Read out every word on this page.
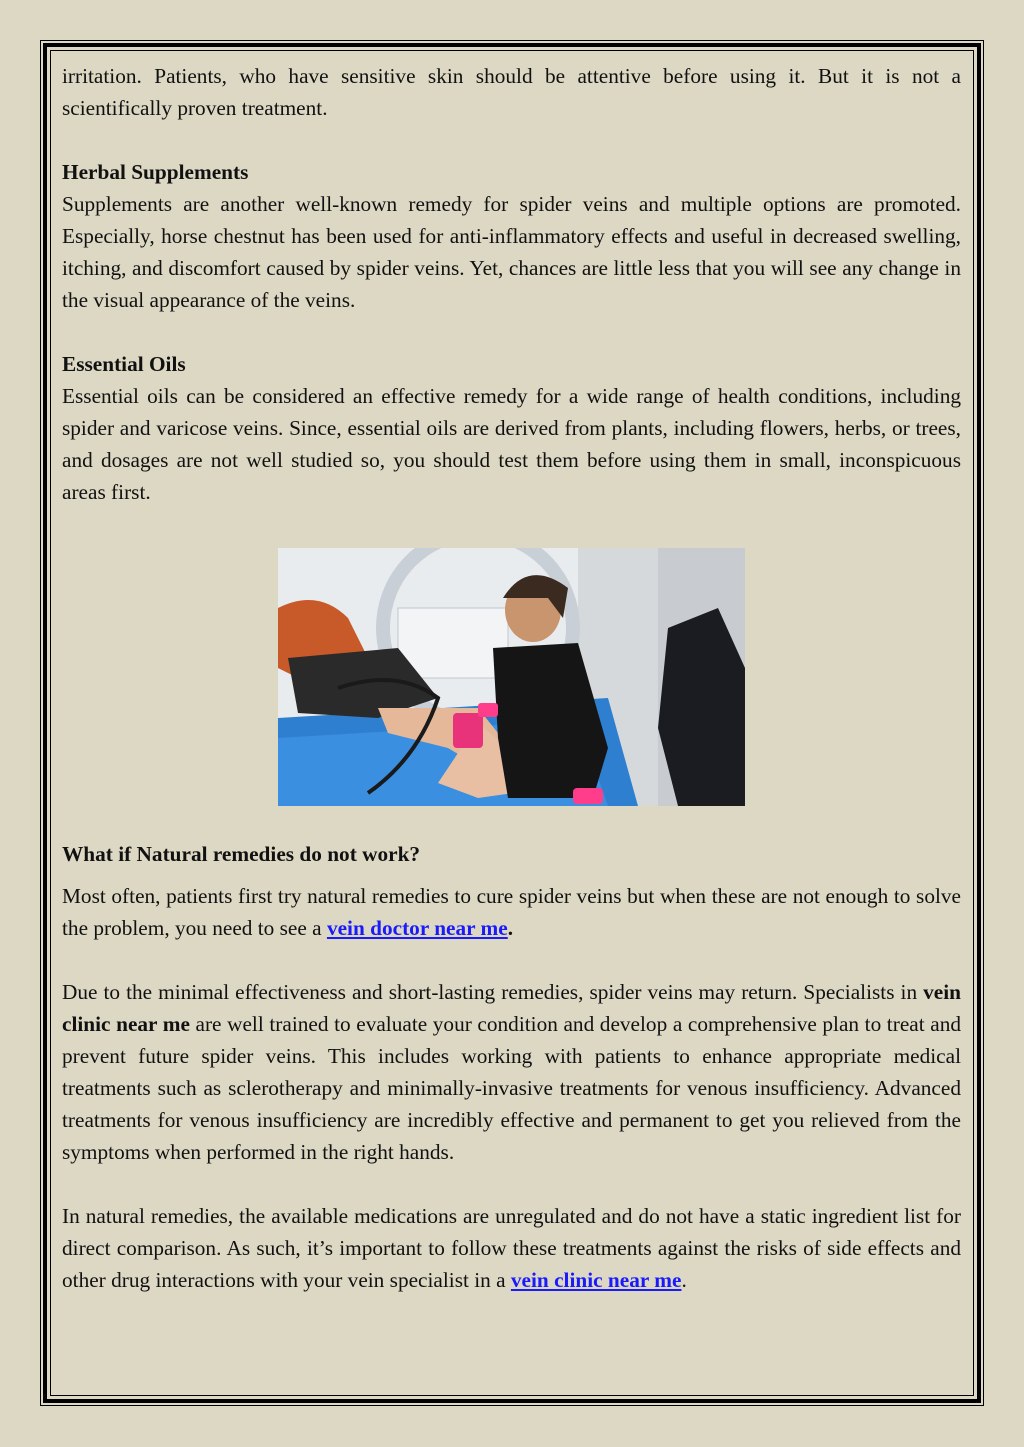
irritation. Patients, who have sensitive skin should be attentive before using it. But it is not a scientifically proven treatment.

Herbal Supplements

Supplements are another well-known remedy for spider veins and multiple options are promoted. Especially, horse chestnut has been used for anti-inflammatory effects and useful in decreased swelling, itching, and discomfort caused by spider veins. Yet, chances are little less that you will see any change in the visual appearance of the veins.

Essential Oils

Essential oils can be considered an effective remedy for a wide range of health conditions, including spider and varicose veins. Since, essential oils are derived from plants, including flowers, herbs, or trees, and dosages are not well studied so, you should test them before using them in small, inconspicuous areas first.

What if Natural remedies do not work?

Most often, patients first try natural remedies to cure spider veins but when these are not enough to solve the problem, you need to see a vein doctor near me.

Due to the minimal effectiveness and short-lasting remedies, spider veins may return. Specialists in vein clinic near me are well trained to evaluate your condition and develop a comprehensive plan to treat and prevent future spider veins. This includes working with patients to enhance appropriate medical treatments such as sclerotherapy and minimally-invasive treatments for venous insufficiency. Advanced treatments for venous insufficiency are incredibly effective and permanent to get you relieved from the symptoms when performed in the right hands.

In natural remedies, the available medications are unregulated and do not have a static ingredient list for direct comparison. As such, it’s important to follow these treatments against the risks of side effects and other drug interactions with your vein specialist in a vein clinic near me.
